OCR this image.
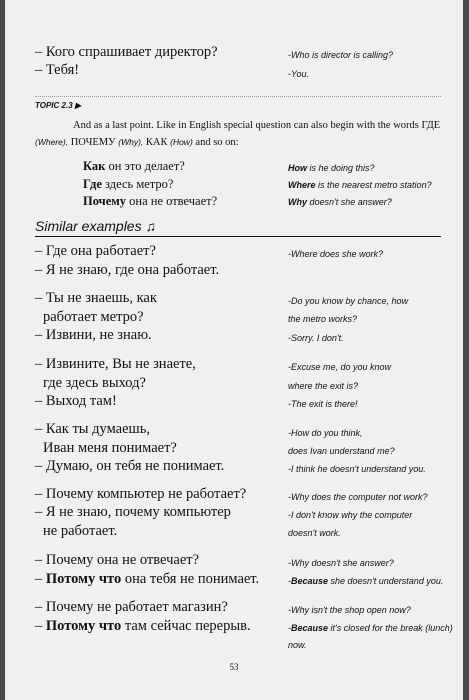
– Кого спрашивает директор?	-Who is director is calling?
– Тебя!	-You.
TOPIC 2.3 ▶
And as a last point. Like in English special question can also begin with the words ГДЕ
(Where), ПОЧЕМУ (Why), КАК (How) and so on:
Как он это делает?	How is he doing this?
Где здесь метро?	Where is the nearest metro station?
Почему она не отвечает?	Why doesn't she answer?
Similar examples ♫
– Где она работает?	-Where does she work?
– Я не знаю, где она работает.
– Ты не знаешь, как	-Do you know by chance, how
работает метро?	the metro works?
– Извини, не знаю.	-Sorry. I don't.
– Извините, Вы не знаете,	-Excuse me, do you know
где здесь выход?	where the exit is?
– Выход там!	-The exit is there!
– Как ты думаешь,	-How do you think,
Иван меня понимает?	does Ivan understand me?
– Думаю, он тебя не понимает.	-I think he doesn't understand you.
– Почему компьютер не работает?	-Why does the computer not work?
– Я не знаю, почему компьютер	-I don't know why the computer
не работает.	doesn't work.
– Почему она не отвечает?	-Why doesn't she answer?
– Потому что она тебя не понимает.	-Because she doesn't understand you.
– Почему не работает магазин?	-Why isn't the shop open now?
– Потому что там сейчас перерыв.	-Because it's closed for the break (lunch)
now.
53
